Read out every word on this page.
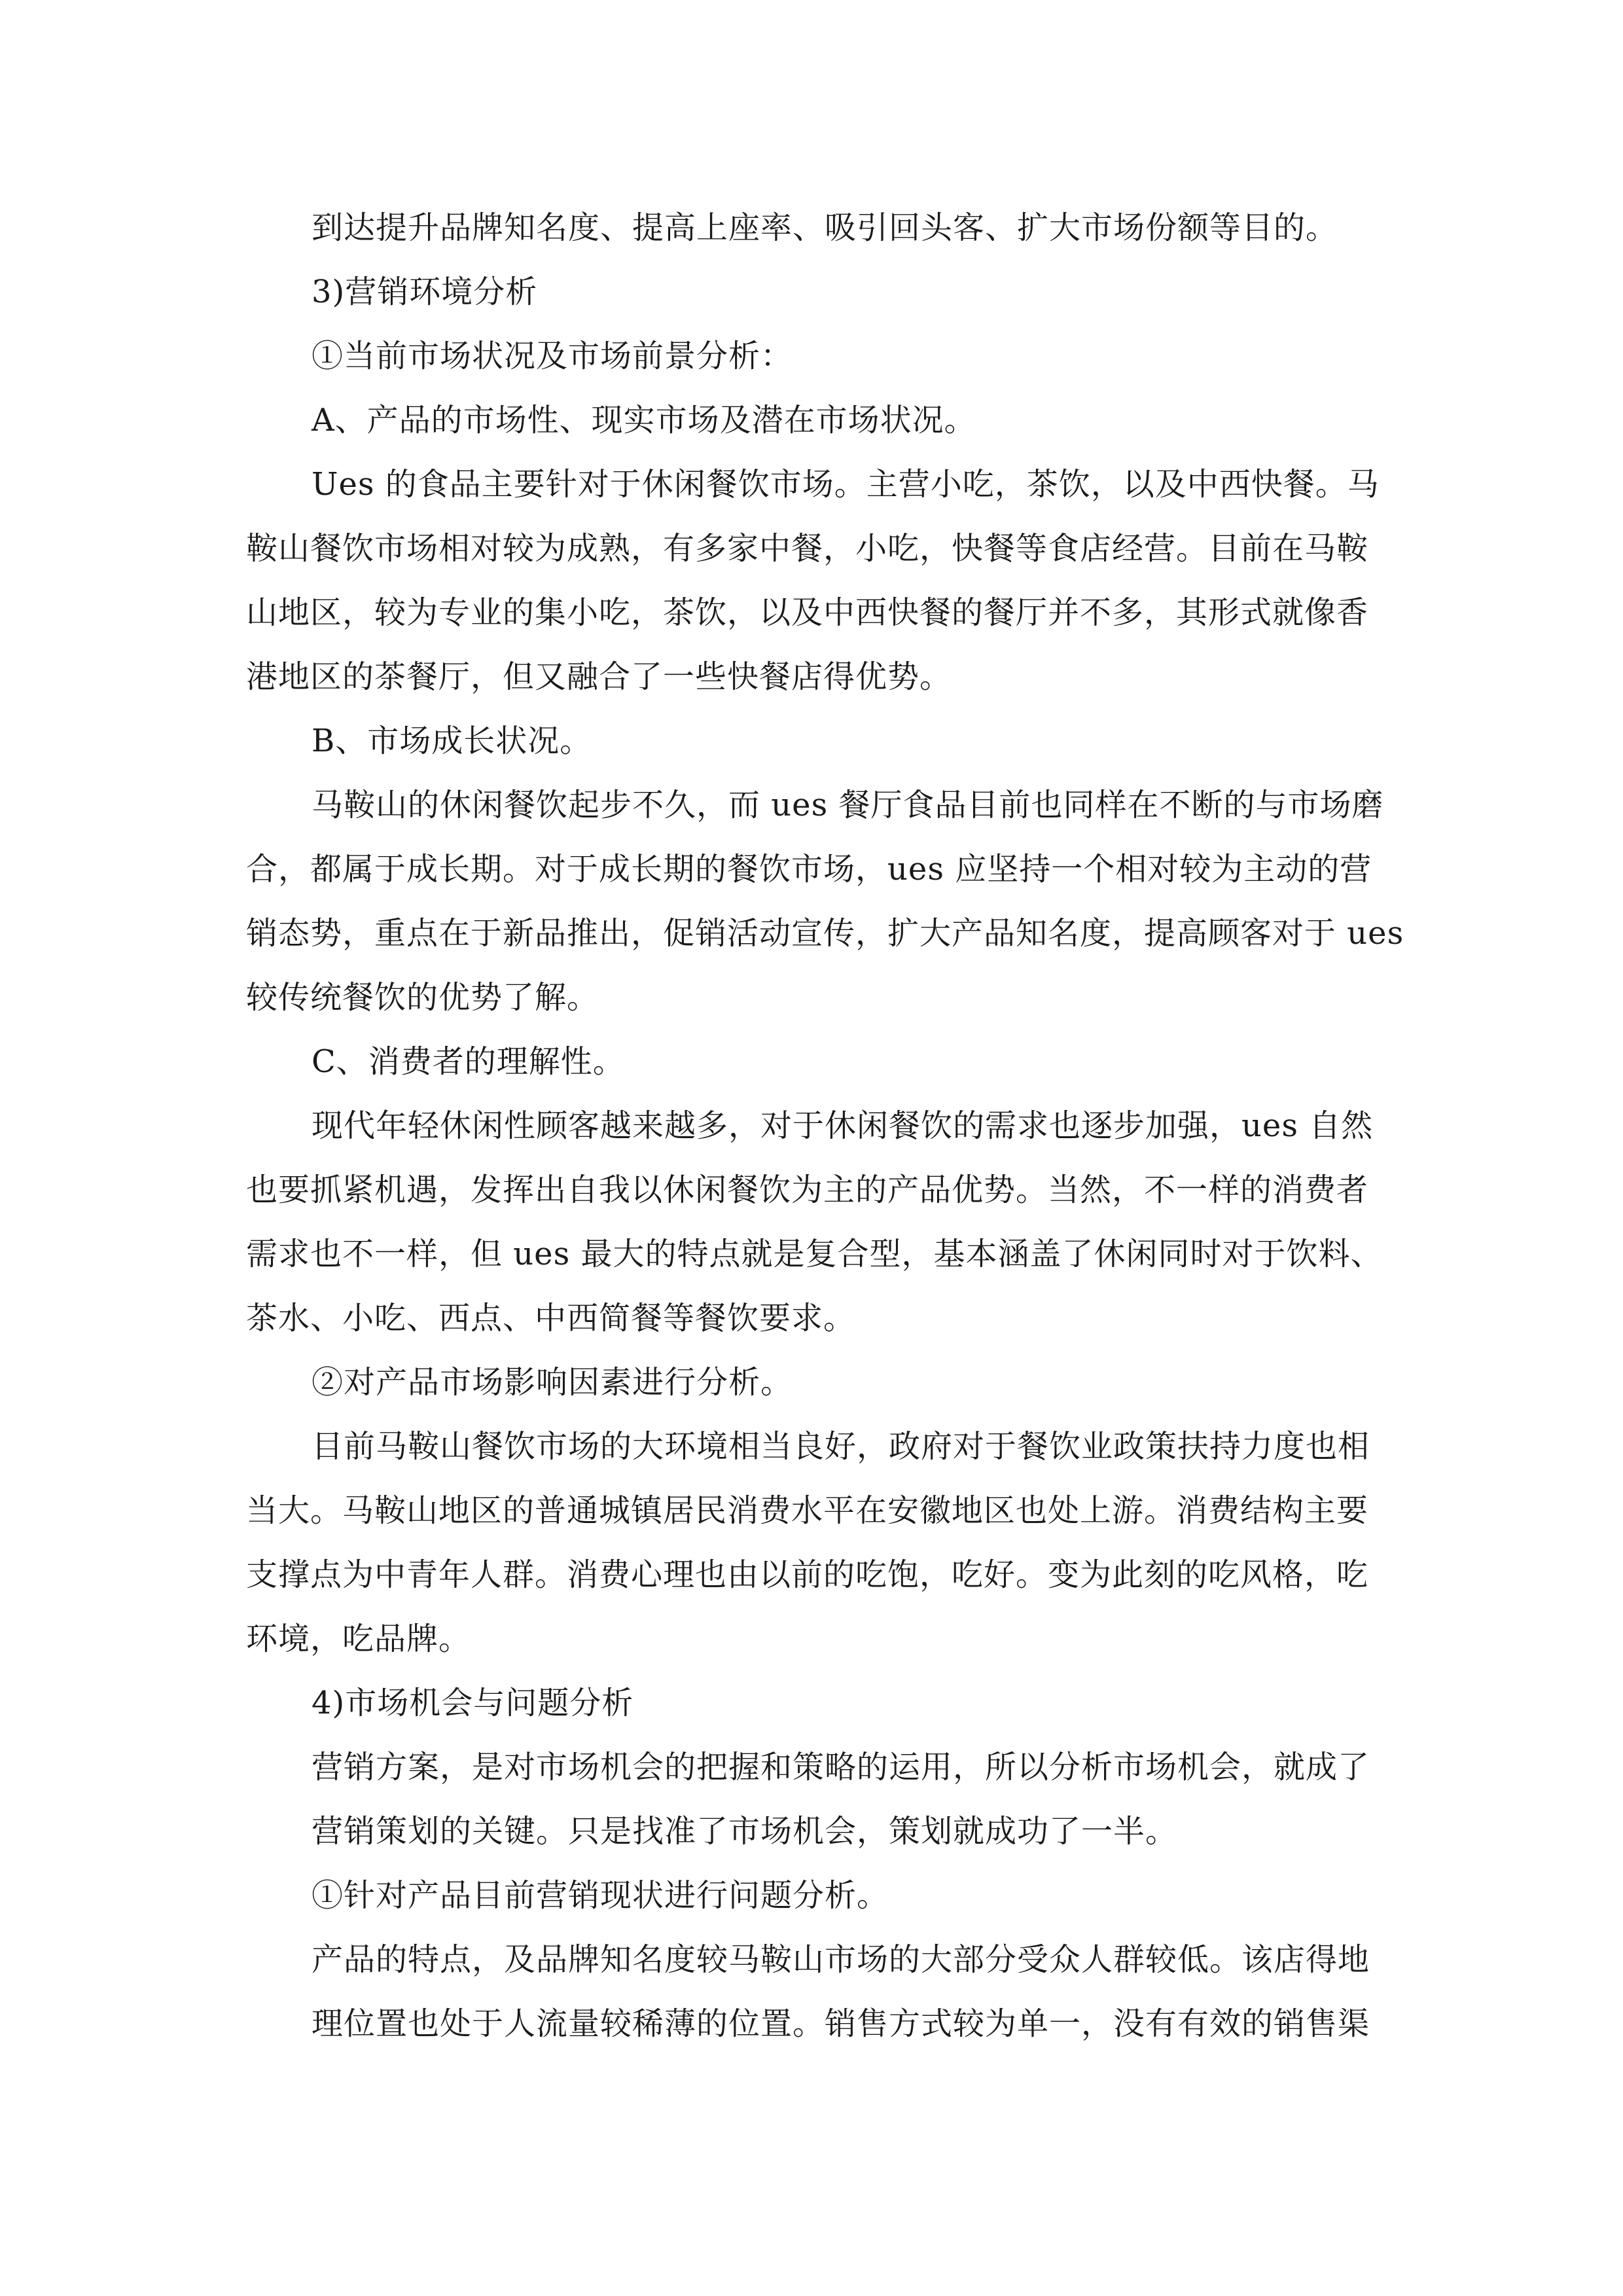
到达提升品牌知名度、提高上座率、吸引回头客、扩大市场份额等目的。
3)营销环境分析
①当前市场状况及市场前景分析：
A、产品的市场性、现实市场及潜在市场状况。
Ues 的食品主要针对于休闲餐饮市场。主营小吃，茶饮，以及中西快餐。马
鞍山餐饮市场相对较为成熟，有多家中餐，小吃，快餐等食店经营。目前在马鞍
山地区，较为专业的集小吃，茶饮，以及中西快餐的餐厅并不多，其形式就像香
港地区的茶餐厅，但又融合了一些快餐店得优势。
B、市场成长状况。
马鞍山的休闲餐饮起步不久，而 ues 餐厅食品目前也同样在不断的与市场磨
合，都属于成长期。对于成长期的餐饮市场，ues 应坚持一个相对较为主动的营
销态势，重点在于新品推出，促销活动宣传，扩大产品知名度，提高顾客对于 ues
较传统餐饮的优势了解。
C、消费者的理解性。
现代年轻休闲性顾客越来越多，对于休闲餐饮的需求也逐步加强，ues 自然
也要抓紧机遇，发挥出自我以休闲餐饮为主的产品优势。当然，不一样的消费者
需求也不一样，但 ues 最大的特点就是复合型，基本涵盖了休闲同时对于饮料、
茶水、小吃、西点、中西简餐等餐饮要求。
②对产品市场影响因素进行分析。
目前马鞍山餐饮市场的大环境相当良好，政府对于餐饮业政策扶持力度也相
当大。马鞍山地区的普通城镇居民消费水平在安徽地区也处上游。消费结构主要
支撑点为中青年人群。消费心理也由以前的吃饱，吃好。变为此刻的吃风格，吃
环境，吃品牌。
4)市场机会与问题分析
营销方案，是对市场机会的把握和策略的运用，所以分析市场机会，就成了
营销策划的关键。只是找准了市场机会，策划就成功了一半。
①针对产品目前营销现状进行问题分析。
产品的特点，及品牌知名度较马鞍山市场的大部分受众人群较低。该店得地
理位置也处于人流量较稀薄的位置。销售方式较为单一，没有有效的销售渠
